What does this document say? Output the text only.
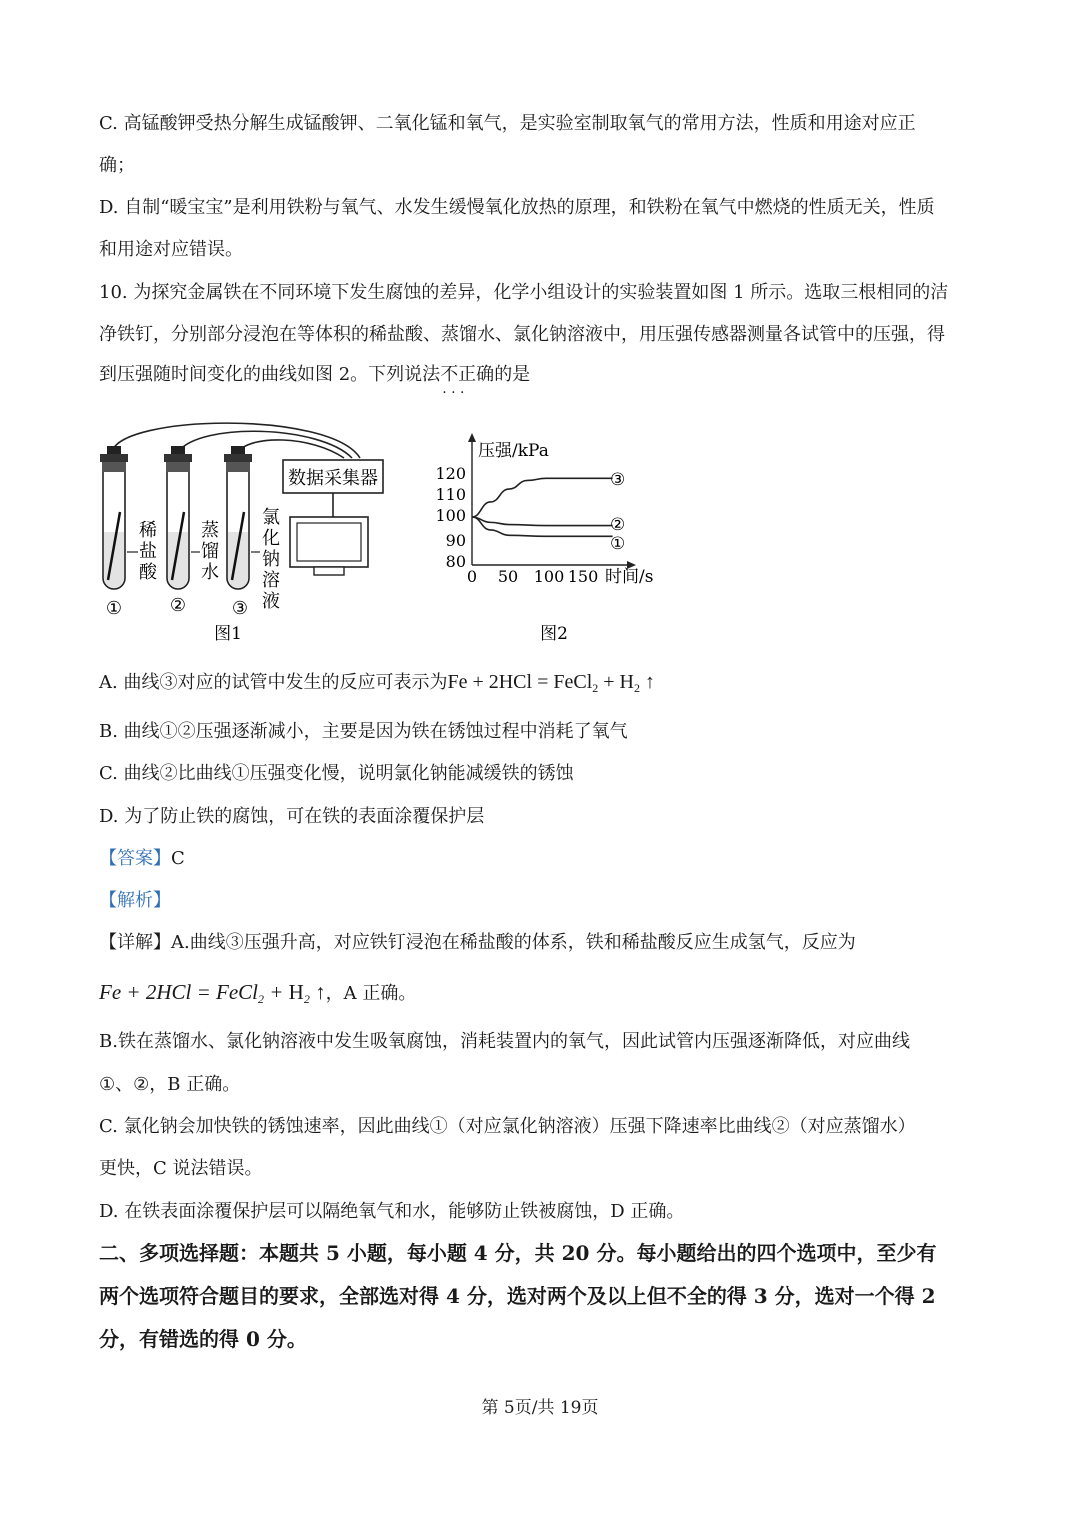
C. 高锰酸钾受热分解生成锰酸钾、二氧化锰和氧气，是实验室制取氧气的常用方法，性质和用途对应正
确；
D. 自制“暖宝宝”是利用铁粉与氧气、水发生缓慢氧化放热的原理，和铁粉在氧气中燃烧的性质无关，性质
和用途对应错误。
10. 为探究金属铁在不同环境下发生腐蚀的差异，化学小组设计的实验装置如图 1 所示。选取三根相同的洁
净铁钉，分别部分浸泡在等体积的稀盐酸、蒸馏水、氯化钠溶液中，用压强传感器测量各试管中的压强，得
到压强随时间变化的曲线如图 2。下列说法不正确 · · ·的是
数据采集器
稀
盐
酸
蒸
馏
水
氯
化
钠
溶
液
①	②	③
图1
压强/kPa
时间/s
120
110
100
90
80
0 50 100 150
③
②
①
图2
A. 曲线③对应的试管中发生的反应可表示为Fe + 2HCl = FeCl$_2$ + $H_2$ ↑
B. 曲线①②压强逐渐减小，主要是因为铁在锈蚀过程中消耗了氧气
C. 曲线②比曲线①压强变化慢，说明氯化钠能减缓铁的锈蚀
D. 为了防止铁的腐蚀，可在铁的表面涂覆保护层
【答案】C
【解析】
【详解】A.曲线③压强升高，对应铁钉浸泡在稀盐酸的体系，铁和稀盐酸反应生成氢气，反应为
Fe + 2HCl = FeCl$_2$ + $H_2$ ↑，A 正确。
B.铁在蒸馏水、氯化钠溶液中发生吸氧腐蚀，消耗装置内的氧气，因此试管内压强逐渐降低，对应曲线
①、②，B 正确。
C. 氯化钠会加快铁的锈蚀速率，因此曲线①（对应氯化钠溶液）压强下降速率比曲线②（对应蒸馏水）
更快，C 说法错误。
D. 在铁表面涂覆保护层可以隔绝氧气和水，能够防止铁被腐蚀，D 正确。
二、多项选择题：本题共 5 小题，每小题 4 分，共 20 分。每小题给出的四个选项中，至少有
两个选项符合题目的要求，全部选对得 4 分，选对两个及以上但不全的得 3 分，选对一个得 2
分，有错选的得 0 分。
第 5页/共 19页
